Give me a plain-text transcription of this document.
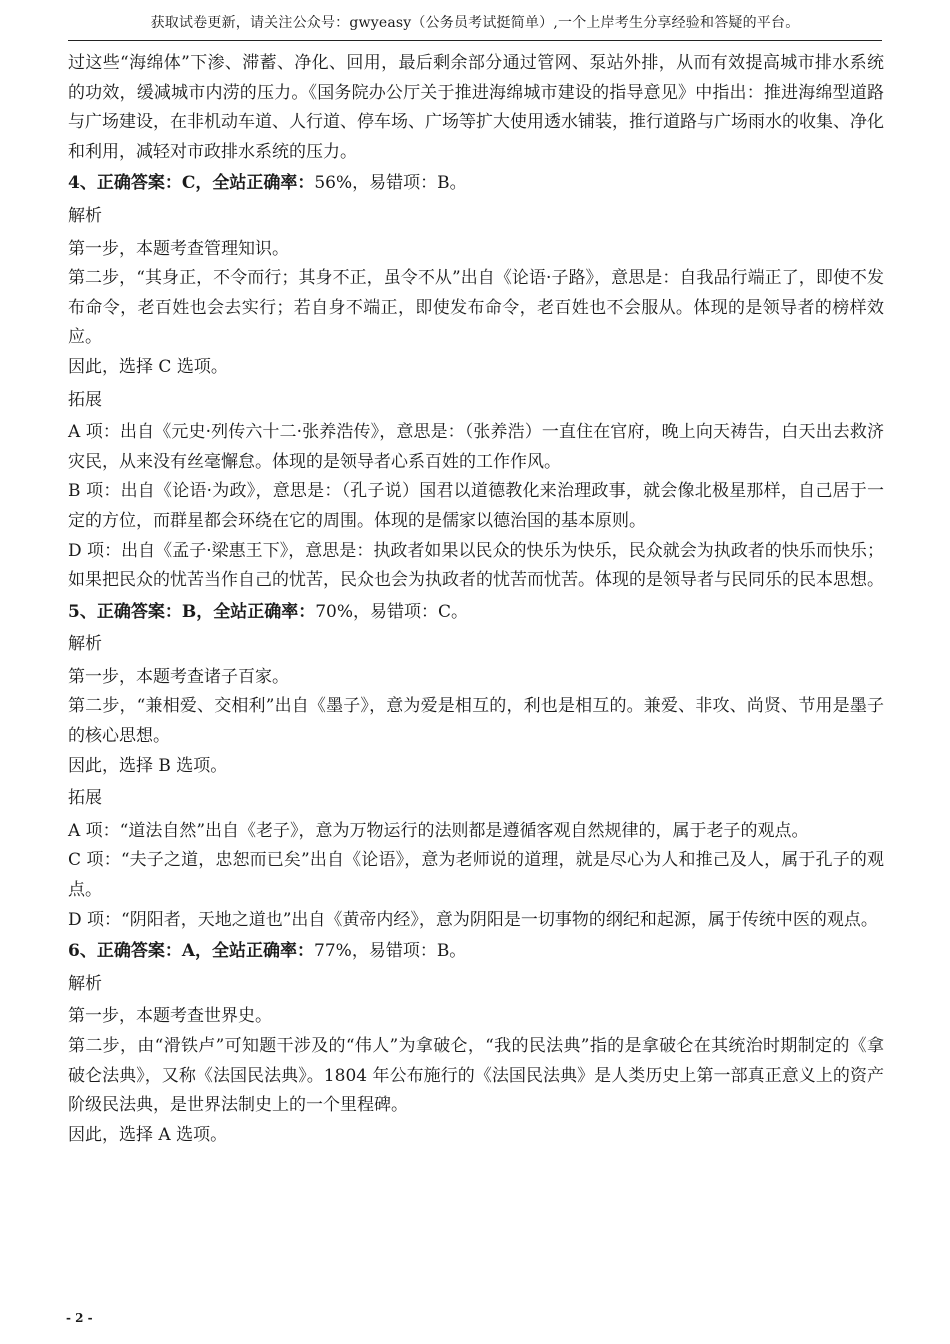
获取试卷更新，请关注公众号：gwyeasy（公务员考试挺简单）,一个上岸考生分享经验和答疑的平台。

过这些“海绵体”下渗、滞蓄、净化、回用，最后剩余部分通过管网、泵站外排，从而有效提高城市排水系统的功效，缓减城市内涝的压力。《国务院办公厅关于推进海绵城市建设的指导意见》中指出：推进海绵型道路与广场建设，在非机动车道、人行道、停车场、广场等扩大使用透水铺装，推行道路与广场雨水的收集、净化和利用，减轻对市政排水系统的压力。

4、正确答案：C，全站正确率：56%，易错项：B。

解析

第一步，本题考查管理知识。

第二步，“其身正，不令而行；其身不正，虽令不从”出自《论语·子路》，意思是：自我品行端正了，即使不发布命令，老百姓也会去实行；若自身不端正，即使发布命令，老百姓也不会服从。体现的是领导者的榜样效应。

因此，选择 C 选项。

拓展

A 项：出自《元史·列传六十二·张养浩传》，意思是：（张养浩）一直住在官府，晚上向天祷告，白天出去救济灾民，从来没有丝毫懈怠。体现的是领导者心系百姓的工作作风。

B 项：出自《论语·为政》，意思是：（孔子说）国君以道德教化来治理政事，就会像北极星那样，自己居于一定的方位，而群星都会环绕在它的周围。体现的是儒家以德治国的基本原则。

D 项：出自《孟子·梁惠王下》，意思是：执政者如果以民众的快乐为快乐，民众就会为执政者的快乐而快乐；如果把民众的忧苦当作自己的忧苦，民众也会为执政者的忧苦而忧苦。体现的是领导者与民同乐的民本思想。

5、正确答案：B，全站正确率：70%，易错项：C。

解析

第一步，本题考查诸子百家。

第二步，“兼相爱、交相利”出自《墨子》，意为爱是相互的，利也是相互的。兼爱、非攻、尚贤、节用是墨子的核心思想。

因此，选择 B 选项。

拓展

A 项：“道法自然”出自《老子》，意为万物运行的法则都是遵循客观自然规律的，属于老子的观点。

C 项：“夫子之道，忠恕而已矣”出自《论语》，意为老师说的道理，就是尽心为人和推己及人，属于孔子的观点。

D 项：“阴阳者，天地之道也”出自《黄帝内经》，意为阴阳是一切事物的纲纪和起源，属于传统中医的观点。

6、正确答案：A，全站正确率：77%，易错项：B。

解析

第一步，本题考查世界史。

第二步，由“滑铁卢”可知题干涉及的“伟人”为拿破仑，“我的民法典”指的是拿破仑在其统治时期制定的《拿破仑法典》，又称《法国民法典》。1804 年公布施行的《法国民法典》是人类历史上第一部真正意义上的资产阶级民法典，是世界法制史上的一个里程碑。

因此，选择 A 选项。

- 2 -
